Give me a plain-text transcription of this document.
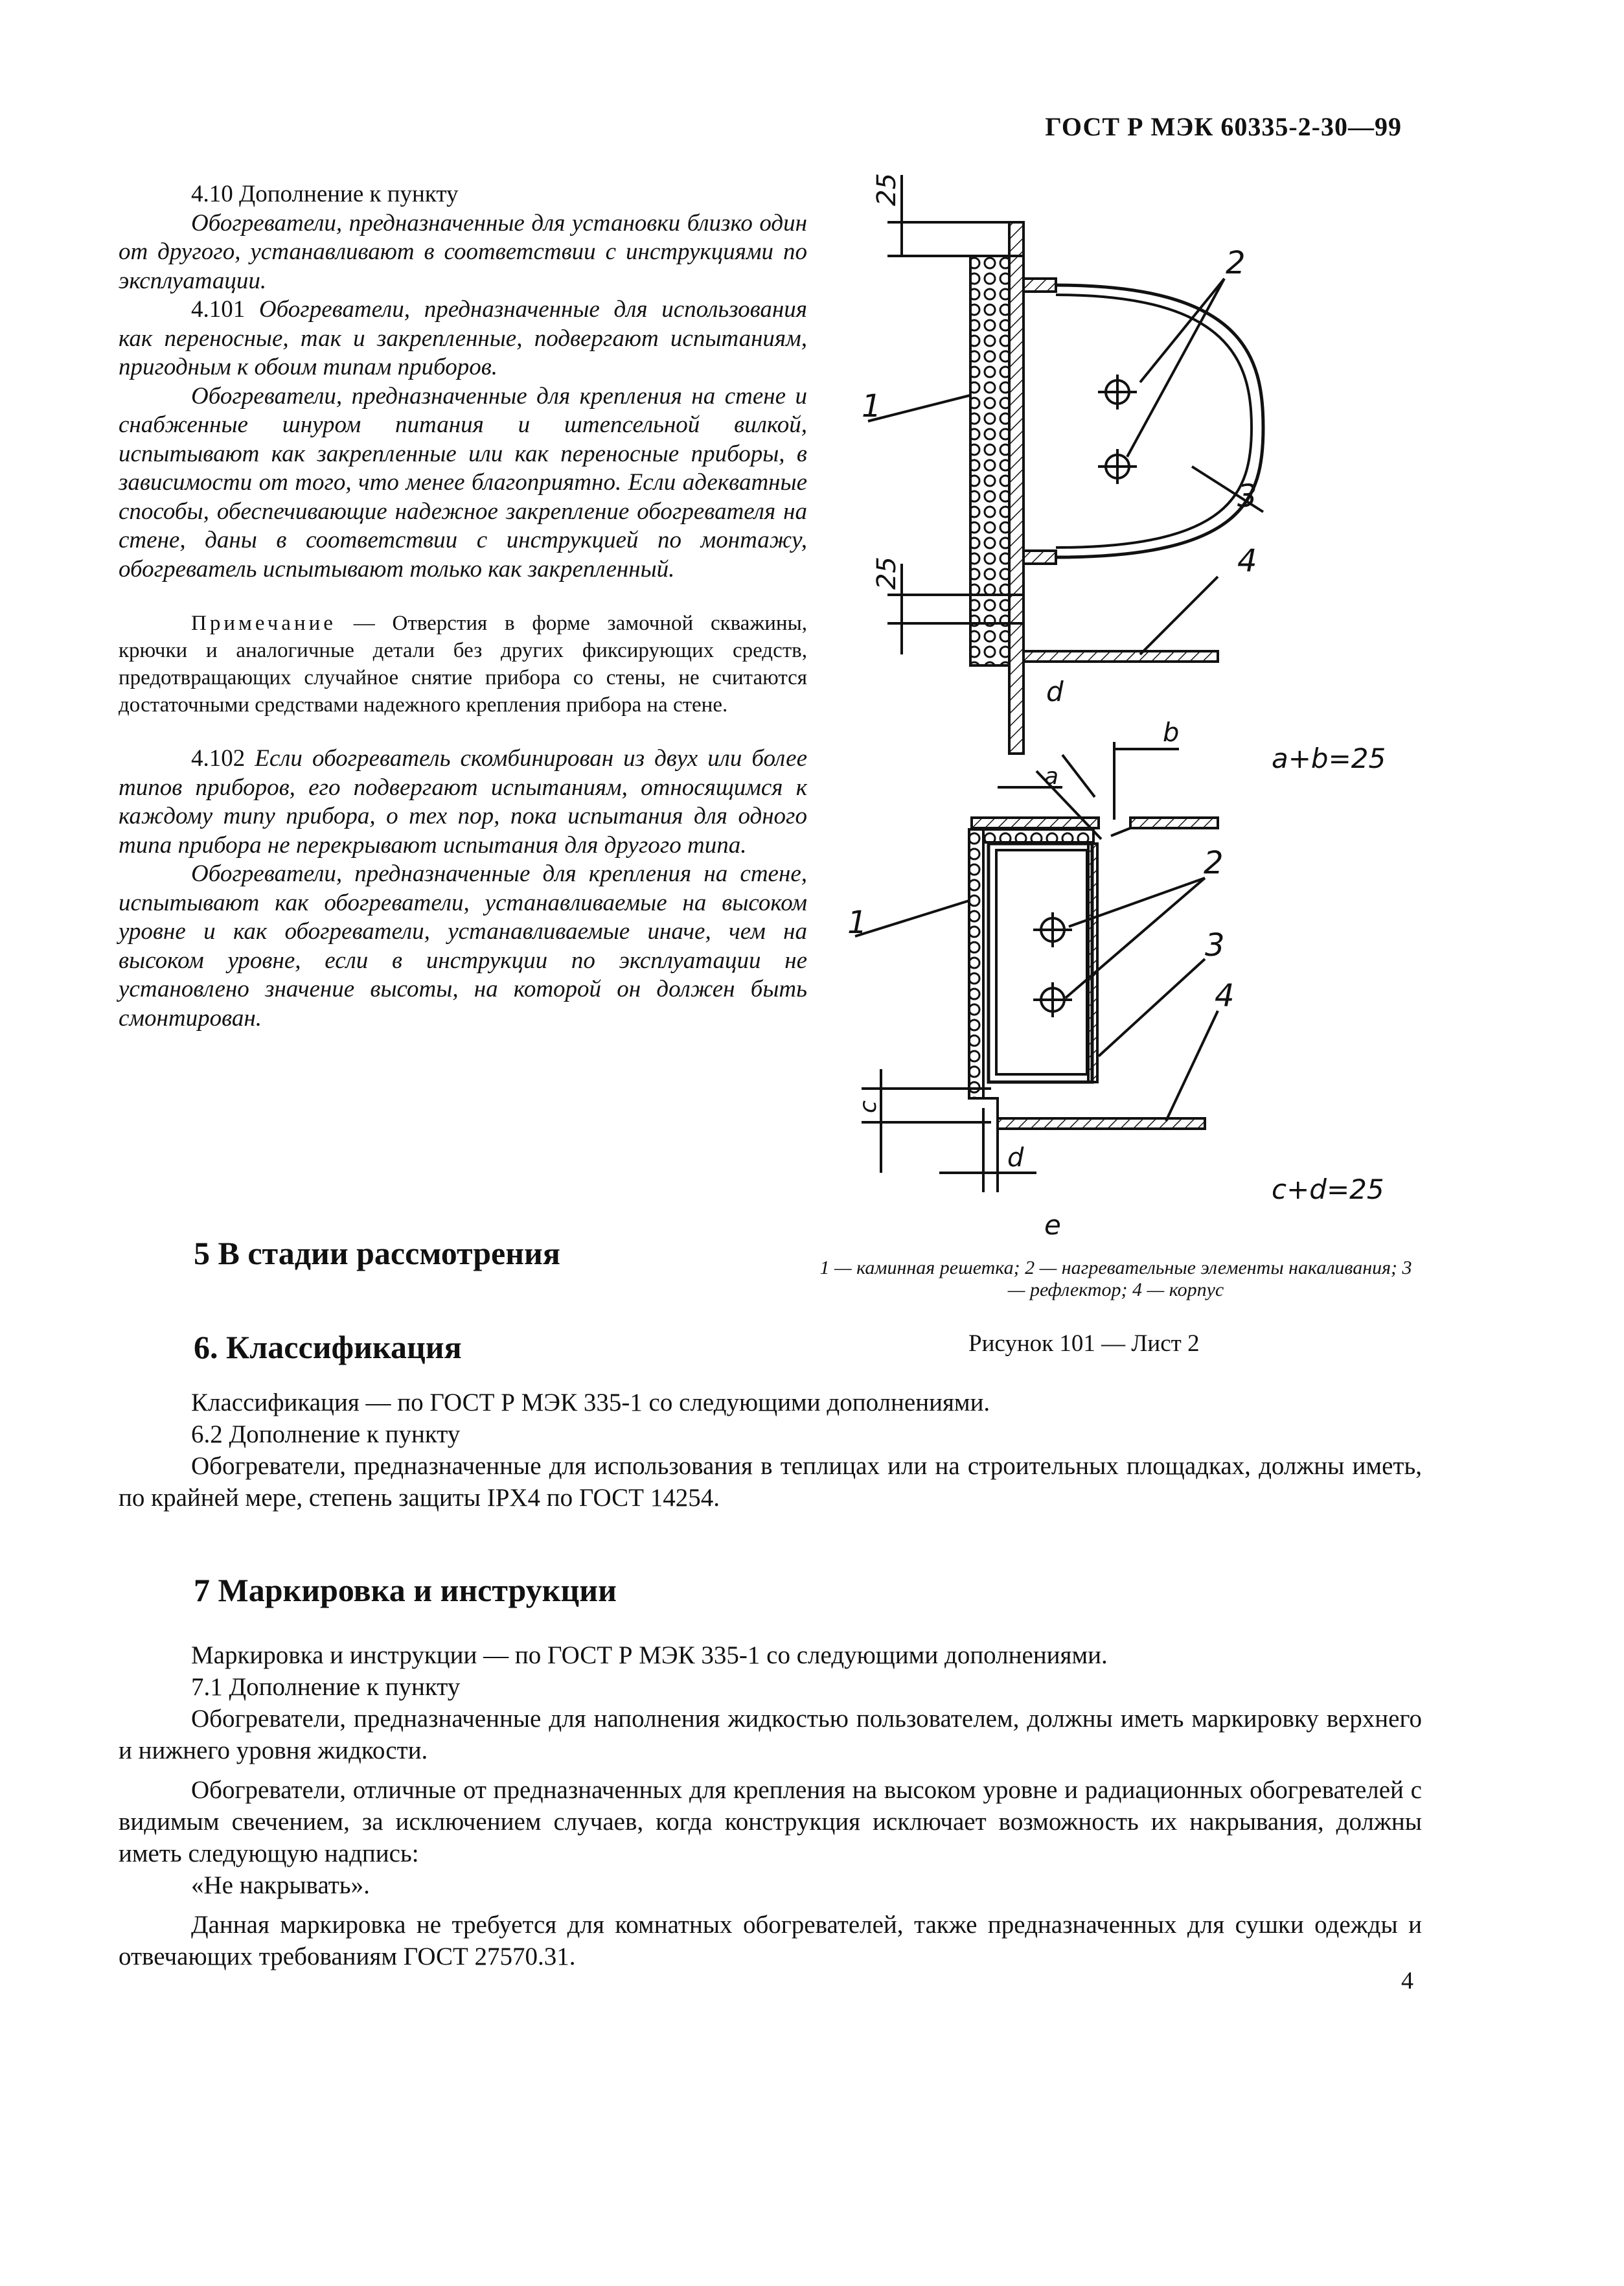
ГОСТ Р МЭК 60335-2-30—99

4.10 Дополнение к пункту

Обогреватели, предназначенные для установки близко один от другого, устанавливают в соответствии с инструкциями по эксплуатации.

4.101 Обогреватели, предназначенные для использования как переносные, так и закрепленные, подвергают испытаниям, пригодным к обоим типам приборов.

Обогреватели, предназначенные для крепления на стене и снабженные шнуром питания и штепсельной вилкой, испытывают как закрепленные или как переносные приборы, в зависимости от того, что менее благоприятно. Если адекватные способы, обеспечивающие надежное закрепление обогревателя на стене, даны в соответствии с инструкцией по монтажу, обогреватель испытывают только как закрепленный.

Примечание — Отверстия в форме замочной скважины, крючки и аналогичные детали без других фиксирующих средств, предотвращающих случайное снятие прибора со стены, не считаются достаточными средствами надежного крепления прибора на стене.

4.102 Если обогреватель скомбинирован из двух или более типов приборов, его подвергают испытаниям, относящимся к каждому типу прибора, о тех пор, пока испытания для одного типа прибора не перекрывают испытания для другого типа.

Обогреватели, предназначенные для крепления на стене, испытывают как обогреватели, устанавливаемые на высоком уровне и как обогреватели, устанавливаемые иначе, чем на высоком уровне, если в инструкции по эксплуатации не установлено значение высоты, на которой он должен быть смонтирован.

25
25
1
2
3
4
d
a
b
c
d
a+b=25
c+d=25
1
2
3
4
e
1 — каминная решетка; 2 — нагревательные элементы накаливания; 3 — рефлектор; 4 — корпус
Рисунок 101 — Лист 2
5 В стадии рассмотрения
6. Классификация

Классификация — по ГОСТ Р МЭК 335-1 со следующими дополнениями.

6.2 Дополнение к пункту

Обогреватели, предназначенные для использования в теплицах или на строительных площадках, должны иметь, по крайней мере, степень защиты IPX4 по ГОСТ 14254.

7 Маркировка и инструкции

Маркировка и инструкции — по ГОСТ Р МЭК 335-1 со следующими дополнениями.

7.1 Дополнение к пункту

Обогреватели, предназначенные для наполнения жидкостью пользователем, должны иметь маркировку верхнего и нижнего уровня жидкости.

Обогреватели, отличные от предназначенных для крепления на высоком уровне и радиационных обогревателей с видимым свечением, за исключением случаев, когда конструкция исключает возможность их накрывания, должны иметь следующую надпись:

«Не накрывать».

Данная маркировка не требуется для комнатных обогревателей, также предназначенных для сушки одежды и отвечающих требованиям ГОСТ 27570.31.

4
